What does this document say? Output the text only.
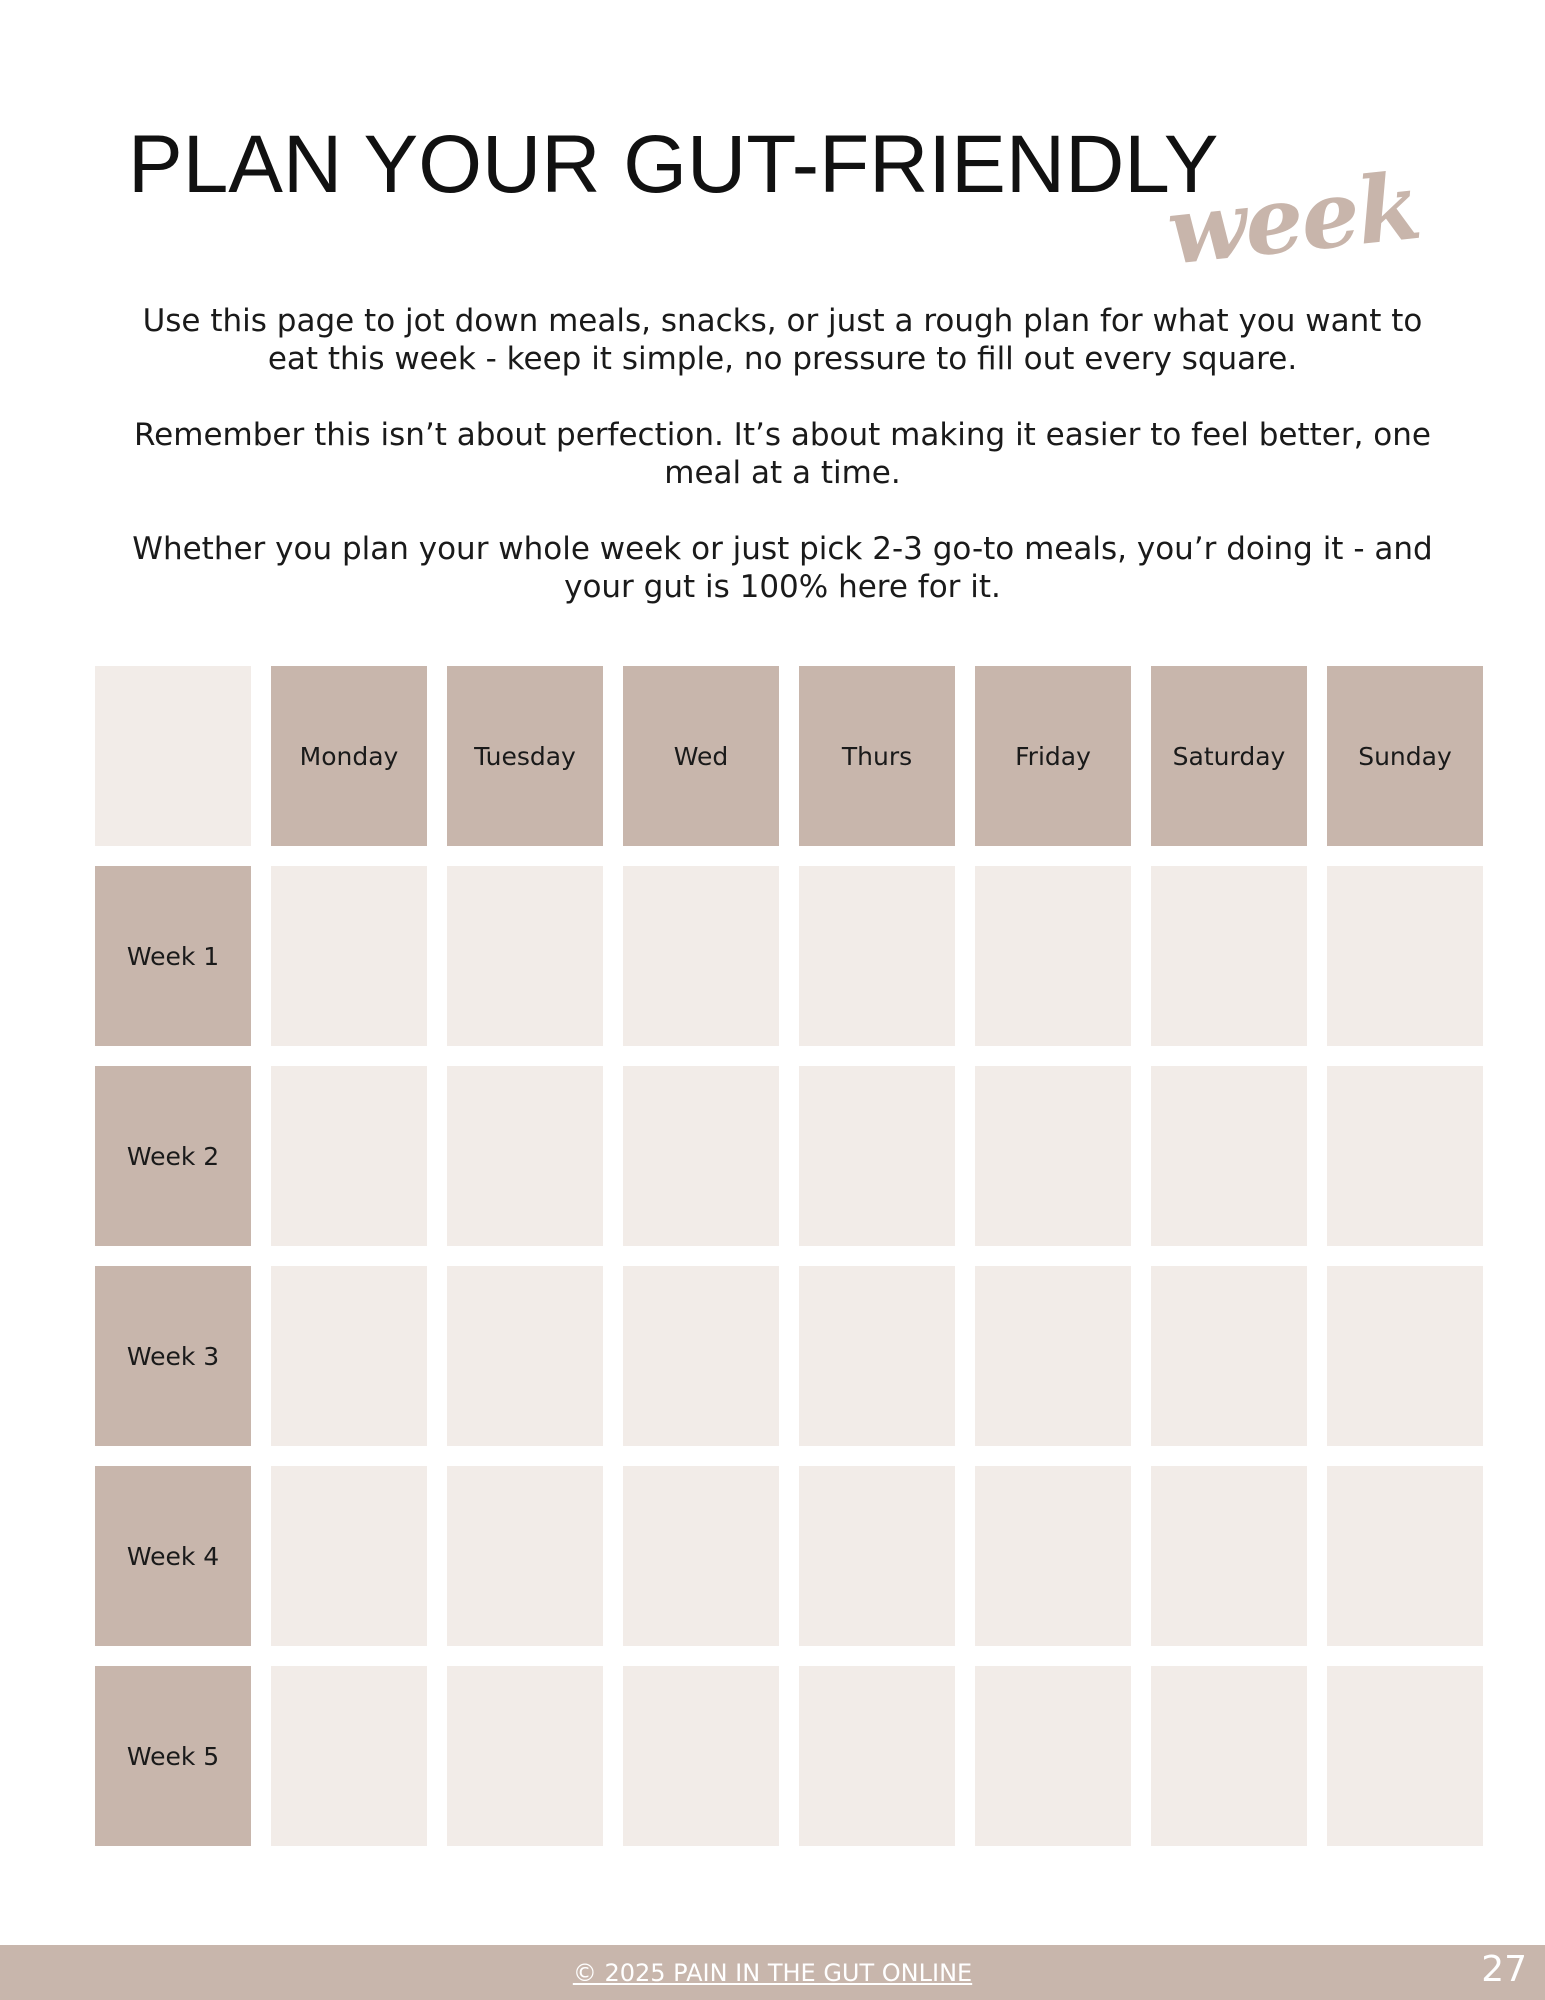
PLAN YOUR GUT-FRIENDLY
week

Use this page to jot down meals, snacks, or just a rough plan for what you want to eat this week - keep it simple, no pressure to fill out every square.

Remember this isn’t about perfection. It’s about making it easier to feel better, one meal at a time.

Whether you plan your whole week or just pick 2-3 go-to meals, you’r doing it - and your gut is 100% here for it.

Monday	Tuesday	Wed	Thurs	Friday	Saturday	Sunday
Week 1
Week 2
Week 3
Week 4
Week 5
© 2025 PAIN IN THE GUT ONLINE	27
